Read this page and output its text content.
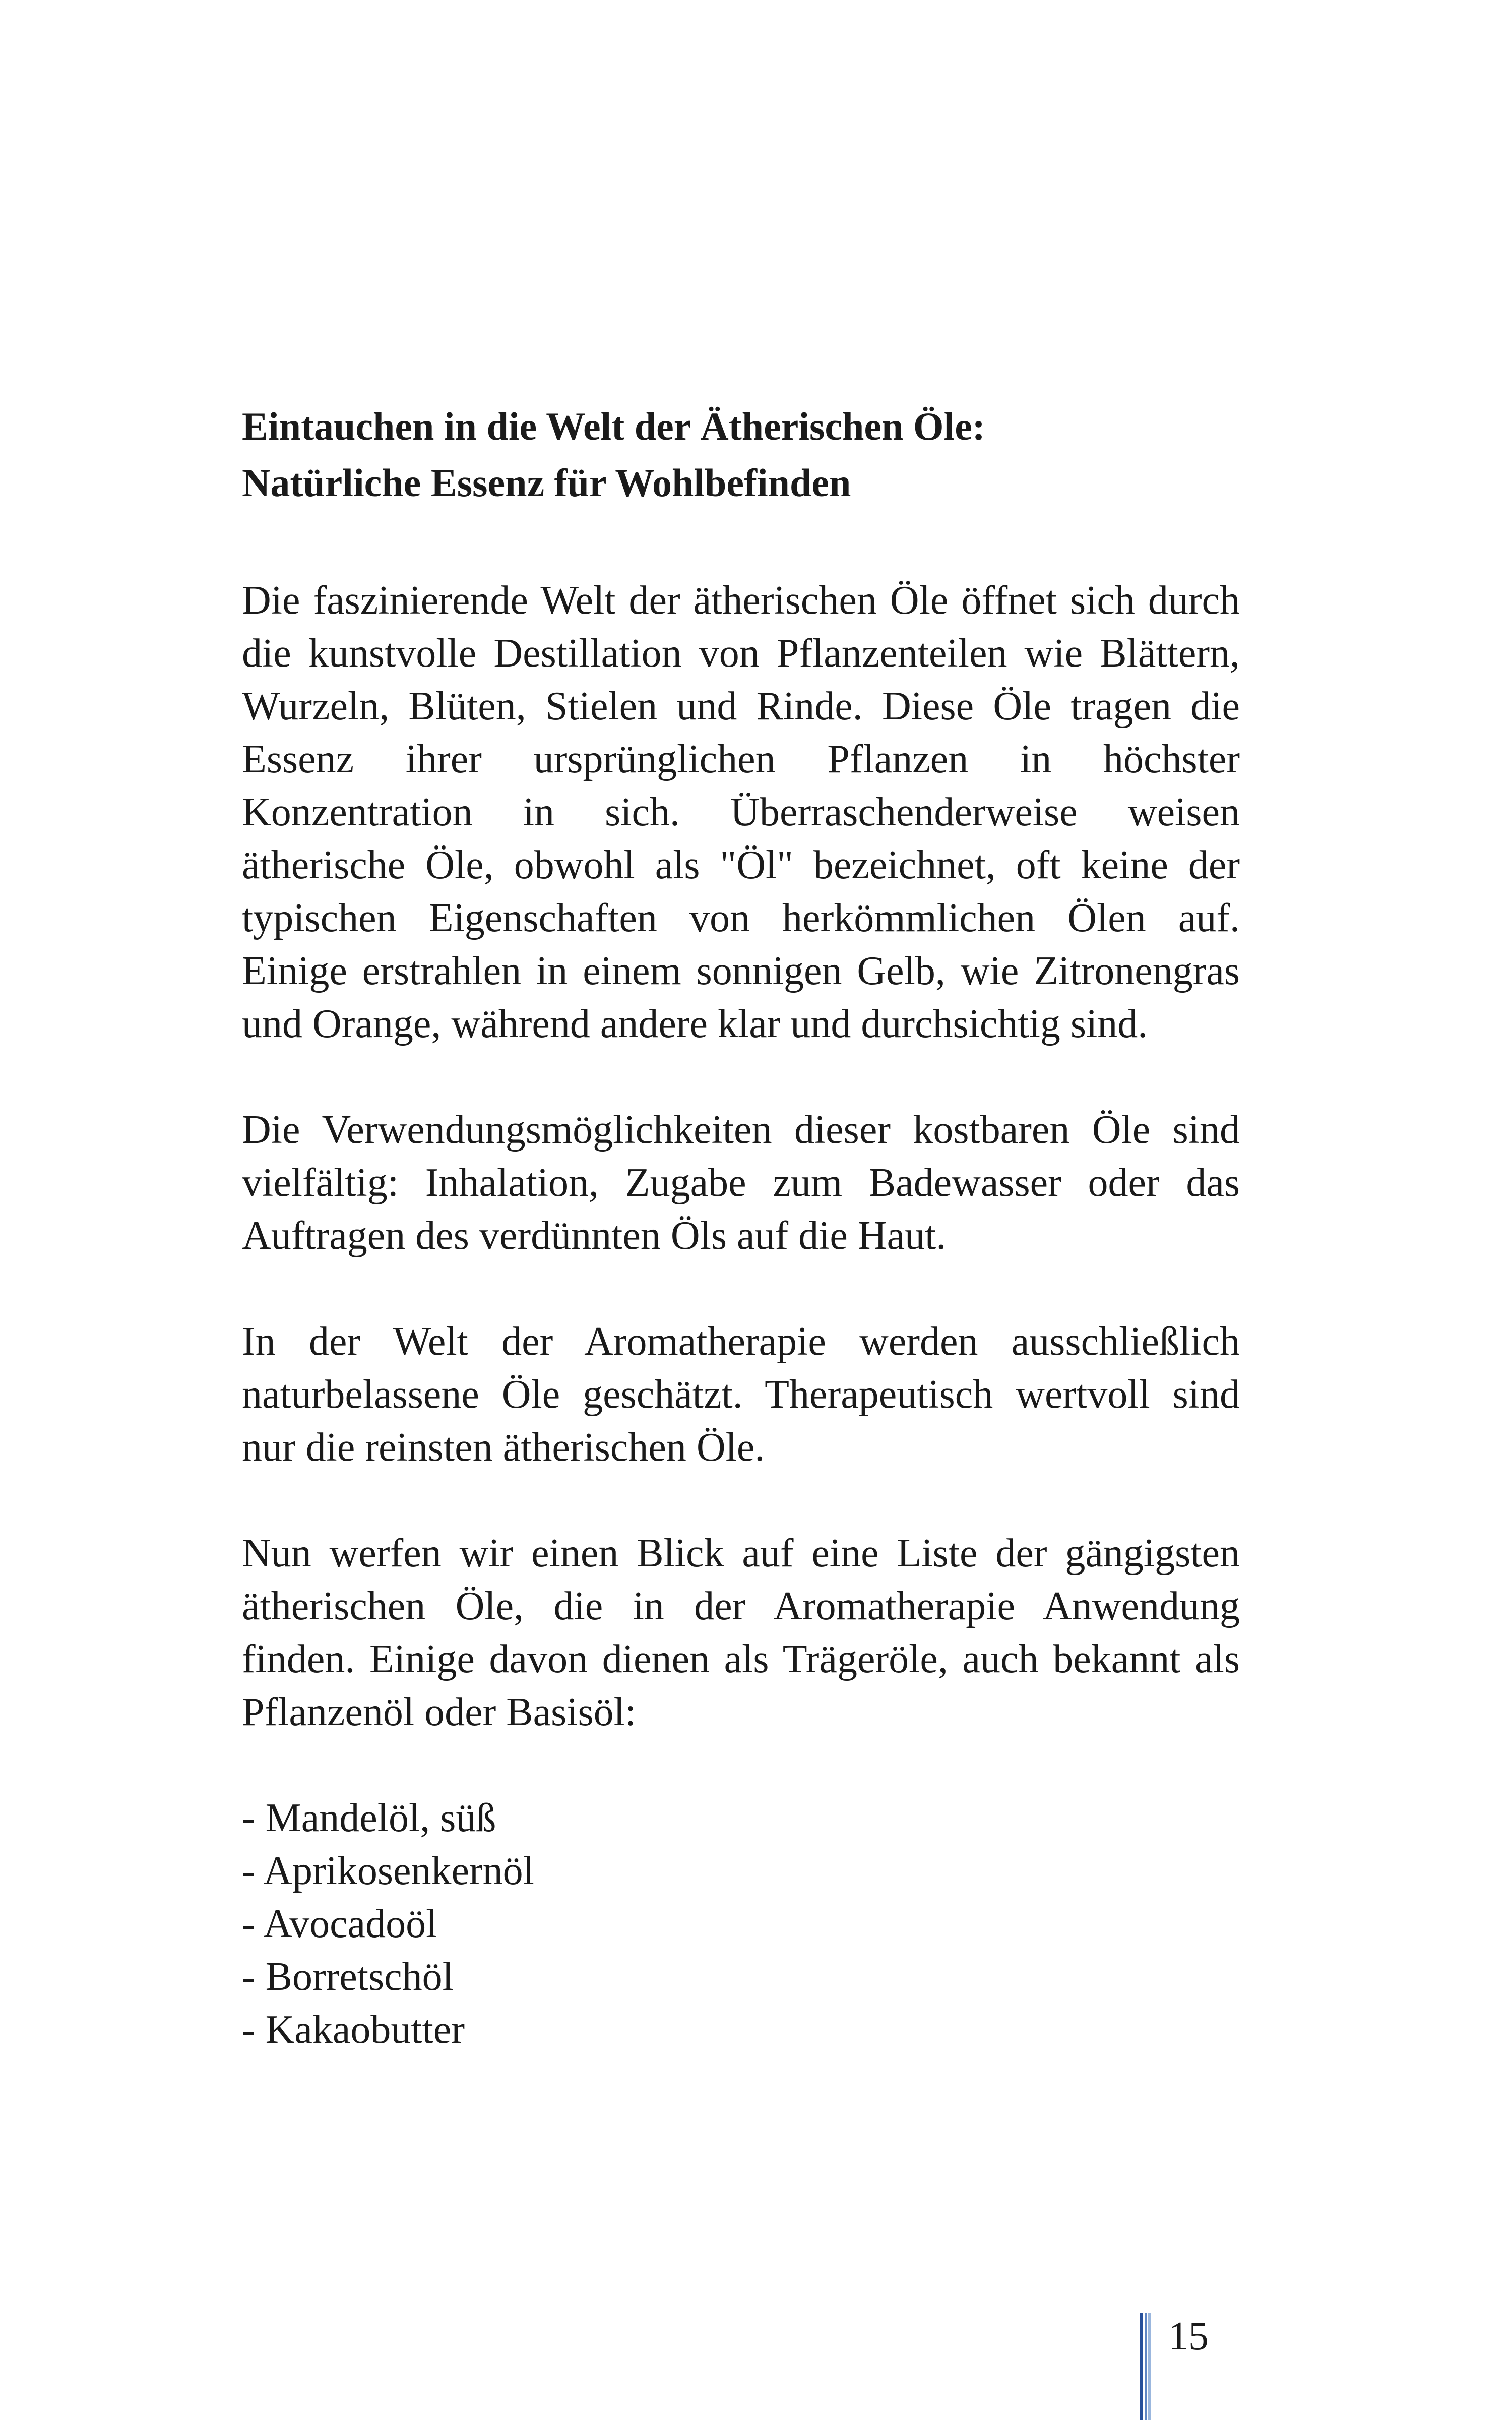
Eintauchen in die Welt der Ätherischen Öle:
Natürliche Essenz für Wohlbefinden

Die faszinierende Welt der ätherischen Öle öffnet sich durch die kunstvolle Destillation von Pflanzenteilen wie Blättern, Wurzeln, Blüten, Stielen und Rinde. Diese Öle tragen die Essenz ihrer ursprünglichen Pflanzen in höchster Konzentration in sich. Überraschenderweise weisen ätherische Öle, obwohl als "Öl" bezeichnet, oft keine der typischen Eigenschaften von herkömmlichen Ölen auf. Einige erstrahlen in einem sonnigen Gelb, wie Zitronengras und Orange, während andere klar und durchsichtig sind.

Die Verwendungsmöglichkeiten dieser kostbaren Öle sind vielfältig: Inhalation, Zugabe zum Badewasser oder das Auftragen des verdünnten Öls auf die Haut.

In der Welt der Aromatherapie werden ausschließlich naturbelassene Öle geschätzt. Therapeutisch wertvoll sind nur die reinsten ätherischen Öle.

Nun werfen wir einen Blick auf eine Liste der gängigsten ätherischen Öle, die in der Aromatherapie Anwendung finden. Einige davon dienen als Trägeröle, auch bekannt als Pflanzenöl oder Basisöl:

- Mandelöl, süß
- Aprikosenkernöl
- Avocadoöl
- Borretschöl
- Kakaobutter
15
